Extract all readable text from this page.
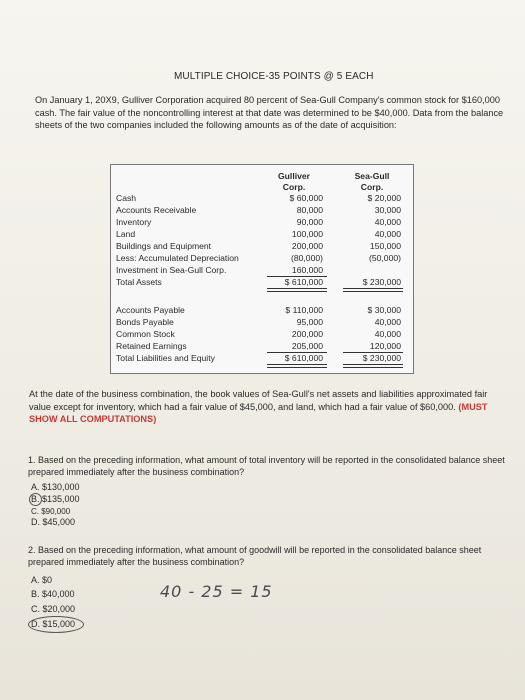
MULTIPLE CHOICE-35 POINTS @ 5 EACH
On January 1, 20X9, Gulliver Corporation acquired 80 percent of Sea-Gull Company's common stock for $160,000 cash. The fair value of the noncontrolling interest at that date was determined to be $40,000. Data from the balance sheets of the two companies included the following amounts as of the date of acquisition:
Gulliver
Corp.
Sea-Gull
Corp.
Cash	$ 60,000	$ 20,000
Accounts Receivable	80,000	30,000
Inventory	90,000	40,000
Land	100,000	40,000
Buildings and Equipment	200,000	150,000
Less: Accumulated Depreciation	(80,000)	(50,000)
Investment in Sea-Gull Corp.	160,000
Total Assets	$ 610,000	$ 230,000
Accounts Payable	$ 110,000	$ 30,000
Bonds Payable	95,000	40,000
Common Stock	200,000	40,000
Retained Earnings	205,000	120,000
Total Liabilities and Equity	$ 610,000	$ 230,000
At the date of the business combination, the book values of Sea-Gull's net assets and liabilities approximated fair value except for inventory, which had a fair value of $45,000, and land, which had a fair value of $60,000. (MUST SHOW ALL COMPUTATIONS)
1. Based on the preceding information, what amount of total inventory will be reported in the consolidated balance sheet prepared immediately after the business combination?
A. $130,000
B. $135,000
C. $90,000
D. $45,000
2. Based on the preceding information, what amount of goodwill will be reported in the consolidated balance sheet prepared immediately after the business combination?
A. $0
B. $40,000
C. $20,000
D. $15,000
40 - 25 = 15
